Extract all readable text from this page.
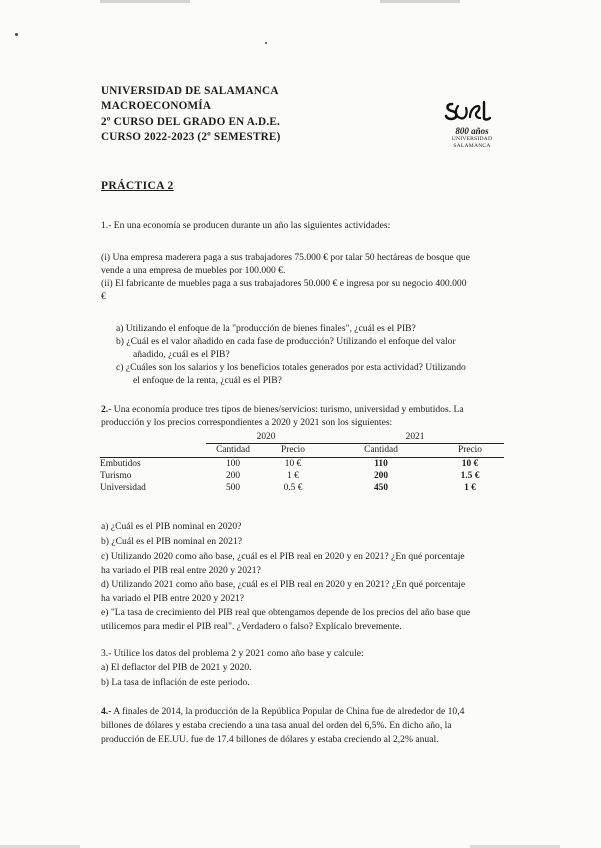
UNIVERSIDAD DE SALAMANCA
MACROECONOMÍA
2º CURSO DEL GRADO EN A.D.E.
CURSO 2022-2023 (2º SEMESTRE)	800 años
UNIVERSIDAD
SALAMANCA
PRÁCTICA 2
1.- En una economía se producen durante un año las siguientes actividades:
(i) Una empresa maderera paga a sus trabajadores 75.000 € por talar 50 hectáreas de bosque que
vende a una empresa de muebles por 100.000 €.
(ii) El fabricante de muebles paga a sus trabajadores 50.000 € e ingresa por su negocio 400.000
€
a) Utilizando el enfoque de la "producción de bienes finales", ¿cuál es el PIB?
b) ¿Cuál es el valor añadido en cada fase de producción? Utilizando el enfoque del valor
añadido, ¿cuál es el PIB?
c) ¿Cuáles son los salarios y los beneficios totales generados por esta actividad? Utilizando
el enfoque de la renta, ¿cuál es el PIB?
2.- Una economía produce tres tipos de bienes/servicios: turismo, universidad y embutidos. La
producción y los precios correspondientes a 2020 y 2021 son los siguientes:
	2020		2021	
	Cantidad	Precio	Cantidad	Precio
Embutidos	100	10 €	110	10 €
Turismo	200	1 €	200	1.5 €
Universidad	500	0.5 €	450	1 €
a) ¿Cuál es el PIB nominal en 2020?
b) ¿Cuál es el PIB nominal en 2021?
c) Utilizando 2020 como año base, ¿cuál es el PIB real en 2020 y en 2021? ¿En qué porcentaje
ha variado el PIB real entre 2020 y 2021?
d) Utilizando 2021 como año base, ¿cuál es el PIB real en 2020 y en 2021? ¿En qué porcentaje
ha variado el PIB entre 2020 y 2021?
e) "La tasa de crecimiento del PIB real que obtengamos depende de los precios del año base que
utilicemos para medir el PIB real". ¿Verdadero o falso? Explícalo brevemente.
3.- Utilice los datos del problema 2 y 2021 como año base y calcule:
a) El deflactor del PIB de 2021 y 2020.
b) La tasa de inflación de este periodo.
4.- A finales de 2014, la producción de la República Popular de China fue de alrededor de 10,4
billones de dólares y estaba creciendo a una tasa anual del orden del 6,5%. En dicho año, la
producción de EE.UU. fue de 17.4 billones de dólares y estaba creciendo al 2,2% anual.
